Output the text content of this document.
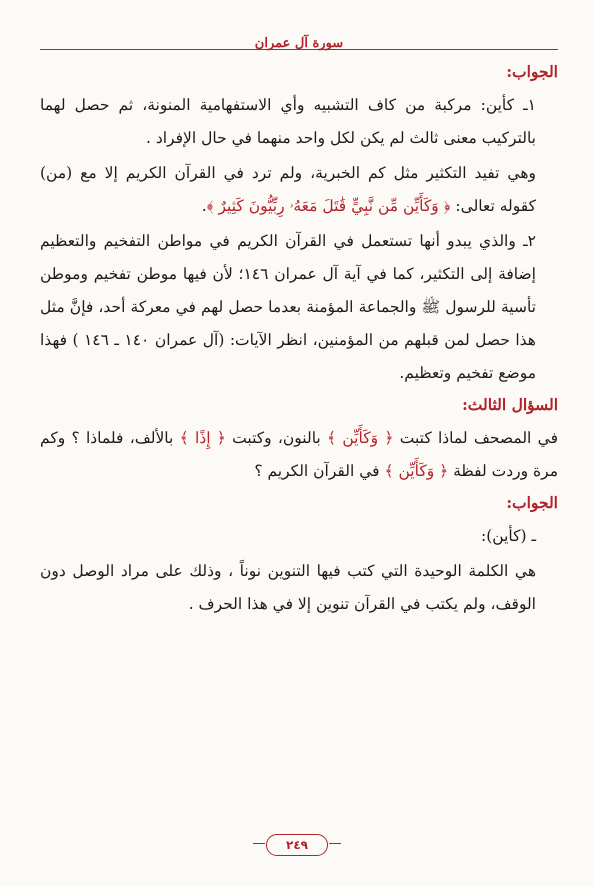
سورة آل عمران
الجواب:

١ـ كأين: مركبة من كاف التشبيه وأي الاستفهامية المنونة، ثم حصل لهما بالتركيب معنى ثالث لم يكن لكل واحد منهما في حال الإفراد .

وهي تفيد التكثير مثل كم الخبرية، ولم ترد في القرآن الكريم إلا مع (من) كقوله تعالى: ﴿ وَكَأَيِّن مِّن نَّبِيٍّ قَٰتَلَ مَعَهُۥ رِبِّيُّونَ كَثِيرٌ ﴾.

٢ـ والذي يبدو أنها تستعمل في القرآن الكريم في مواطن التفخيم والتعظيم إضافة إلى التكثير، كما في آية آل عمران ١٤٦؛ لأن فيها موطن تفخيم وموطن تأسية للرسول ﷺ والجماعة المؤمنة بعدما حصل لهم في معركة أحد، فإنَّ مثل هذا حصل لمن قبلهم من المؤمنين، انظر الآيات: (آل عمران ١٤٠ ـ ١٤٦ ) فهذا موضع تفخيم وتعظيم.

السؤال الثالث:

في المصحف لماذا كتبت ﴿ وَكَأَيِّن ﴾ بالنون، وكتبت ﴿ إِذًا ﴾ بالألف، فلماذا ؟ وكم مرة وردت لفظة ﴿ وَكَأَيِّن ﴾ في القرآن الكريم ؟

الجواب:

ـ (كأين):

هي الكلمة الوحيدة التي كتب فيها التنوين نوناً ، وذلك على مراد الوصل دون الوقف، ولم يكتب في القرآن تنوين إلا في هذا الحرف .

٢٤٩
